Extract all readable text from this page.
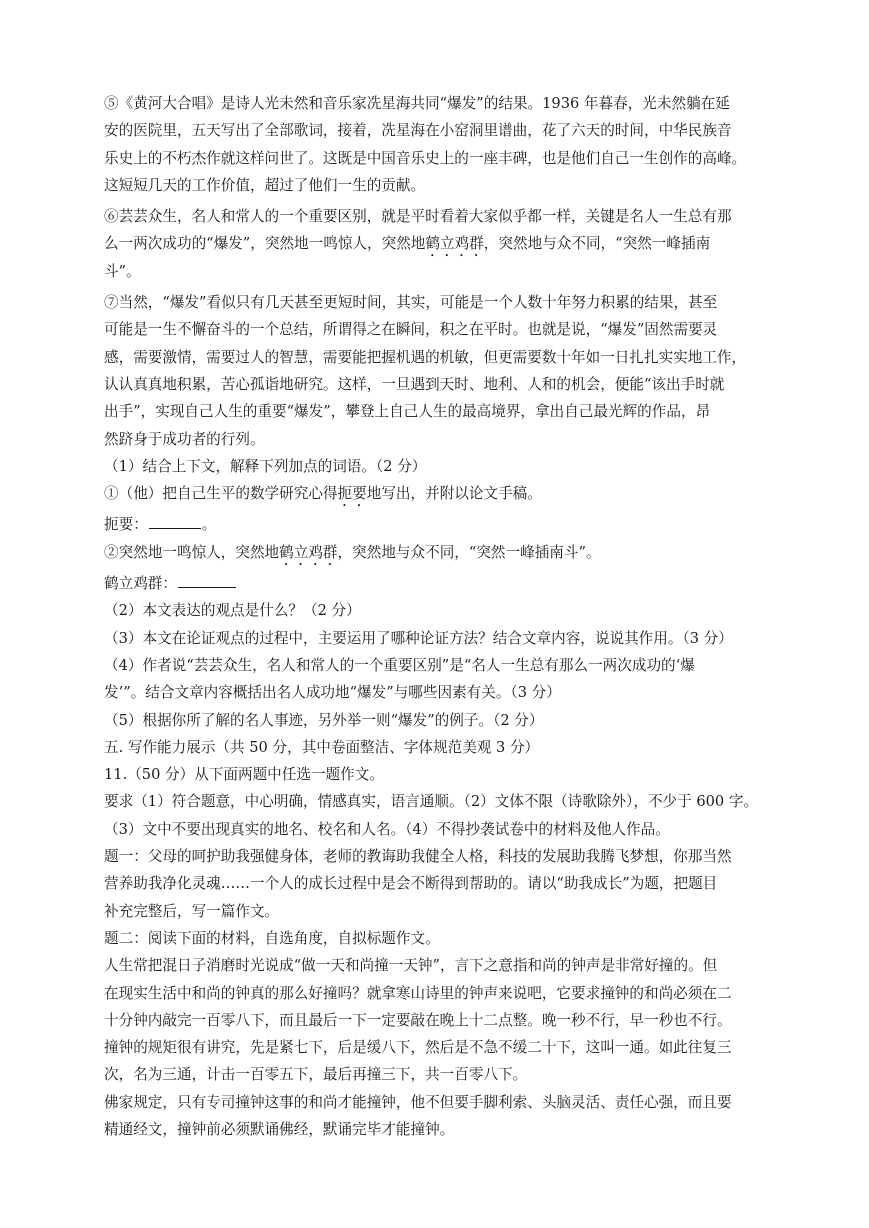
⑤《黄河大合唱》是诗人光未然和音乐家冼星海共同“爆发”的结果。1936 年暮春，光未然躺在延
安的医院里，五天写出了全部歌词，接着，冼星海在小窑洞里谱曲，花了六天的时间，中华民族音
乐史上的不朽杰作就这样问世了。这既是中国音乐史上的一座丰碑，也是他们自己一生创作的高峰。
这短短几天的工作价值，超过了他们一生的贡献。
⑥芸芸众生，名人和常人的一个重要区别，就是平时看着大家似乎都一样，关键是名人一生总有那
么一两次成功的“爆发”，突然地一鸣惊人，突然地鹤立鸡群，突然地与众不同，“突然一峰插南
斗”。
⑦当然，“爆发”看似只有几天甚至更短时间，其实，可能是一个人数十年努力积累的结果，甚至
可能是一生不懈奋斗的一个总结，所谓得之在瞬间，积之在平时。也就是说，“爆发”固然需要灵
感，需要激情，需要过人的智慧，需要能把握机遇的机敏，但更需要数十年如一日扎扎实实地工作，
认认真真地积累，苦心孤诣地研究。这样，一旦遇到天时、地利、人和的机会，便能“该出手时就
出手”，实现自己人生的重要“爆发”，攀登上自己人生的最高境界，拿出自己最光辉的作品，昂
然跻身于成功者的行列。
（1）结合上下文，解释下列加点的词语。（2 分）
①（他）把自己生平的数学研究心得扼要地写出，并附以论文手稿。
扼要：	。
②突然地一鸣惊人，突然地鹤立鸡群，突然地与众不同，“突然一峰插南斗”。
鹤立鸡群：
（2）本文表达的观点是什么？（2 分）
（3）本文在论证观点的过程中，主要运用了哪种论证方法？结合文章内容，说说其作用。（3 分）
（4）作者说“芸芸众生，名人和常人的一个重要区别”是“名人一生总有那么一两次成功的‘爆
发’”。结合文章内容概括出名人成功地“爆发”与哪些因素有关。（3 分）
（5）根据你所了解的名人事迹，另外举一则“爆发”的例子。（2 分）
五. 写作能力展示（共 50 分，其中卷面整洁、字体规范美观 3 分）
11.（50 分）从下面两题中任选一题作文。
要求（1）符合题意，中心明确，情感真实，语言通顺。（2）文体不限（诗歌除外），不少于 600 字。
（3）文中不要出现真实的地名、校名和人名。（4）不得抄袭试卷中的材料及他人作品。
题一：父母的呵护助我强健身体，老师的教诲助我健全人格，科技的发展助我腾飞梦想，你那当然
营养助我净化灵魂……一个人的成长过程中是会不断得到帮助的。请以“助我成长”为题，把题目
补充完整后，写一篇作文。
题二：阅读下面的材料，自选角度，自拟标题作文。
人生常把混日子消磨时光说成“做一天和尚撞一天钟”，言下之意指和尚的钟声是非常好撞的。但
在现实生活中和尚的钟真的那么好撞吗？就拿寒山诗里的钟声来说吧，它要求撞钟的和尚必须在二
十分钟内敲完一百零八下，而且最后一下一定要敲在晚上十二点整。晚一秒不行，早一秒也不行。
撞钟的规矩很有讲究，先是紧七下，后是缓八下，然后是不急不缓二十下，这叫一通。如此往复三
次，名为三通，计击一百零五下，最后再撞三下，共一百零八下。
佛家规定，只有专司撞钟这事的和尚才能撞钟，他不但要手脚利索、头脑灵活、责任心强，而且要
精通经文，撞钟前必须默诵佛经，默诵完毕才能撞钟。
